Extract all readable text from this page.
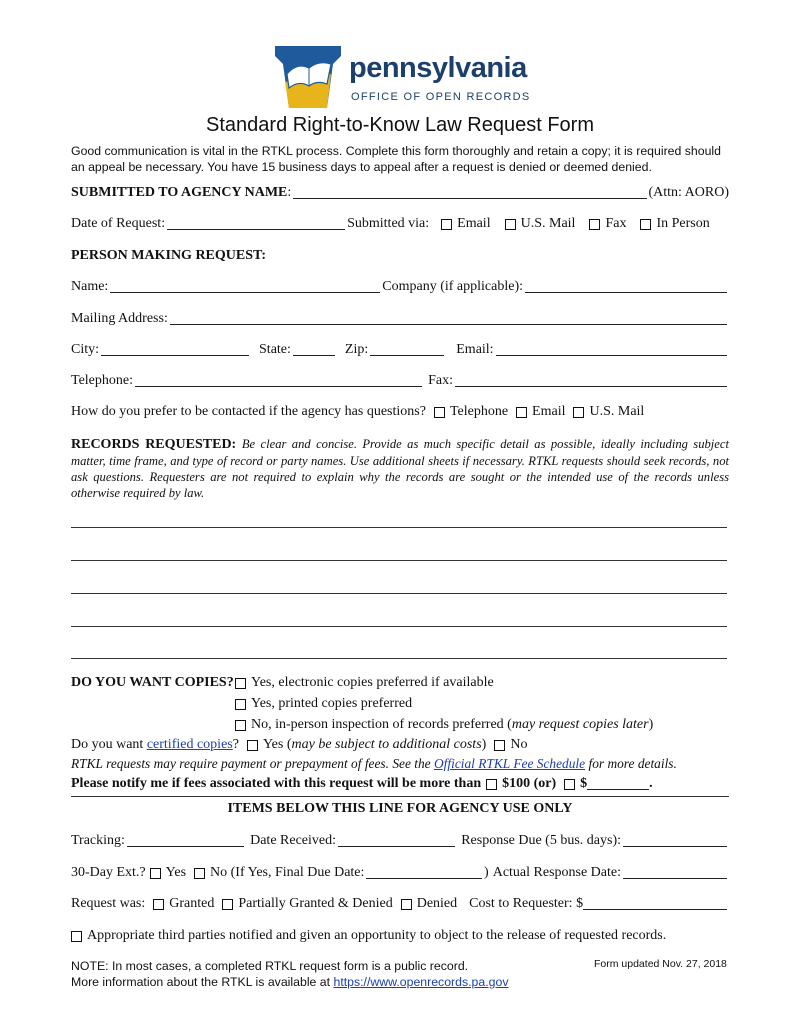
pennsylvania
OFFICE OF OPEN RECORDS
Standard Right-to-Know Law Request Form
Good communication is vital in the RTKL process. Complete this form thoroughly and retain a copy; it is required should an appeal be necessary. You have 15 business days to appeal after a request is denied or deemed denied.
SUBMITTED TO AGENCY NAME :	(Attn: AORO)
Date of Request:	Submitted via: Email U.S. Mail Fax In Person
PERSON MAKING REQUEST:
Name:	Company (if applicable):
Mailing Address:
City:	State:	Zip:	Email:
Telephone:	Fax:
How do you prefer to be contacted if the agency has questions? Telephone Email U.S. Mail
RECORDS REQUESTED: Be clear and concise. Provide as much specific detail as possible, ideally including subject matter, time frame, and type of record or party names. Use additional sheets if necessary. RTKL requests should seek records, not ask questions. Requesters are not required to explain why the records are sought or the intended use of the records unless otherwise required by law.
DO YOU WANT COPIES? Yes, electronic copies preferred if available
Yes, printed copies preferred
No, in-person inspection of records preferred ( may request copies later )
Do you want
certified copies ? Yes ( may be subject to additional costs ) No
RTKL requests may require payment or prepayment of fees. See the
Official RTKL Fee Schedule
for more details.
Please notify me if fees associated with this request will be more than $100 (or) $	.
ITEMS BELOW THIS LINE FOR AGENCY USE ONLY
Tracking:	Date Received:	Response Due (5 bus. days):
30-Day Ext.? Yes No (If Yes, Final Due Date:	) Actual Response Date:
Request was: Granted Partially Granted & Denied Denied Cost to Requester: $
Appropriate third parties notified and given an opportunity to object to the release of requested records.
NOTE: In most cases, a completed RTKL request form is a public record.
More information about the RTKL is available at https://www.openrecords.pa.gov
Form updated Nov. 27, 2018
